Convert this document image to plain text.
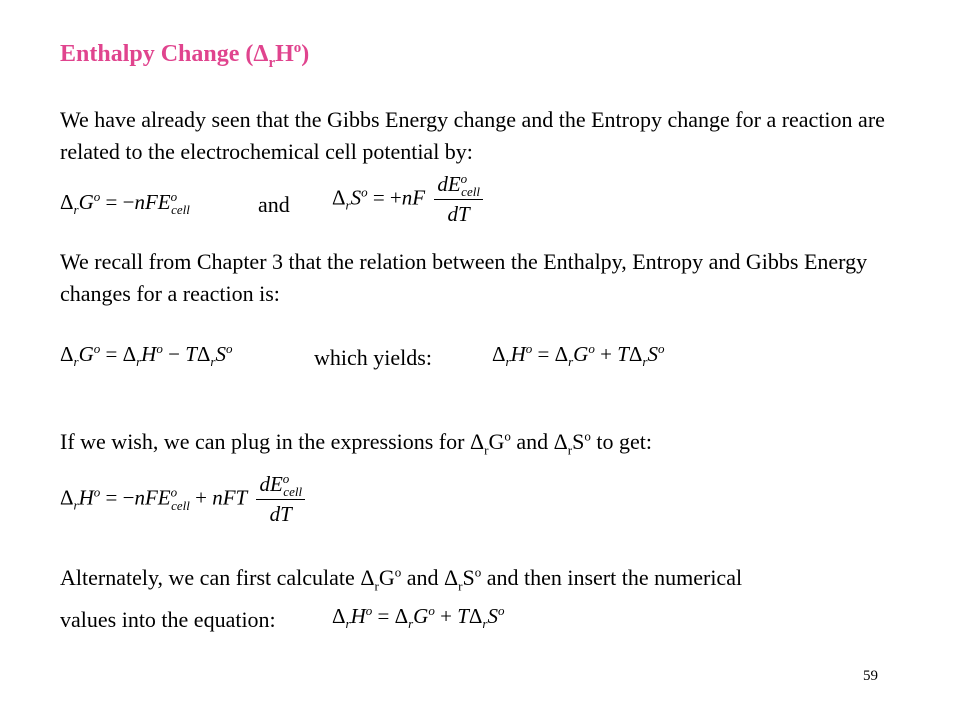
Enthalpy Change $(\Delta_rH^o)$
We have already seen that the Gibbs Energy change and the Entropy change for a reaction are related to the electrochemical cell potential by:
$\Delta_rG^o = -nFE^o_{cell}$	and $\Delta_rS^o = +nF \frac{dE^o_{cell}}{dT}$
We recall from Chapter 3 that the relation between the Enthalpy, Entropy and Gibbs Energy changes for a reaction is:
$\Delta_rG^o = \Delta_rH^o - T\Delta_rS^o$	which yields:	$\Delta_rH^o = \Delta_rG^o + T\Delta_rS^o$
If we wish, we can plug in the expressions for $\Delta_rG^o$ and $\Delta_rS^o$ to get:
$\Delta_rH^o = -nFE^o_{cell}$ + nFT $\frac{dE^o_{cell}}{dT}$
Alternately, we can first calculate $\Delta_rG^o$ and $\Delta_rS^o$ and then insert the numerical
values into the equation:	$\Delta_rH^o = \Delta_rG^o + T\Delta_rS^o$
59
